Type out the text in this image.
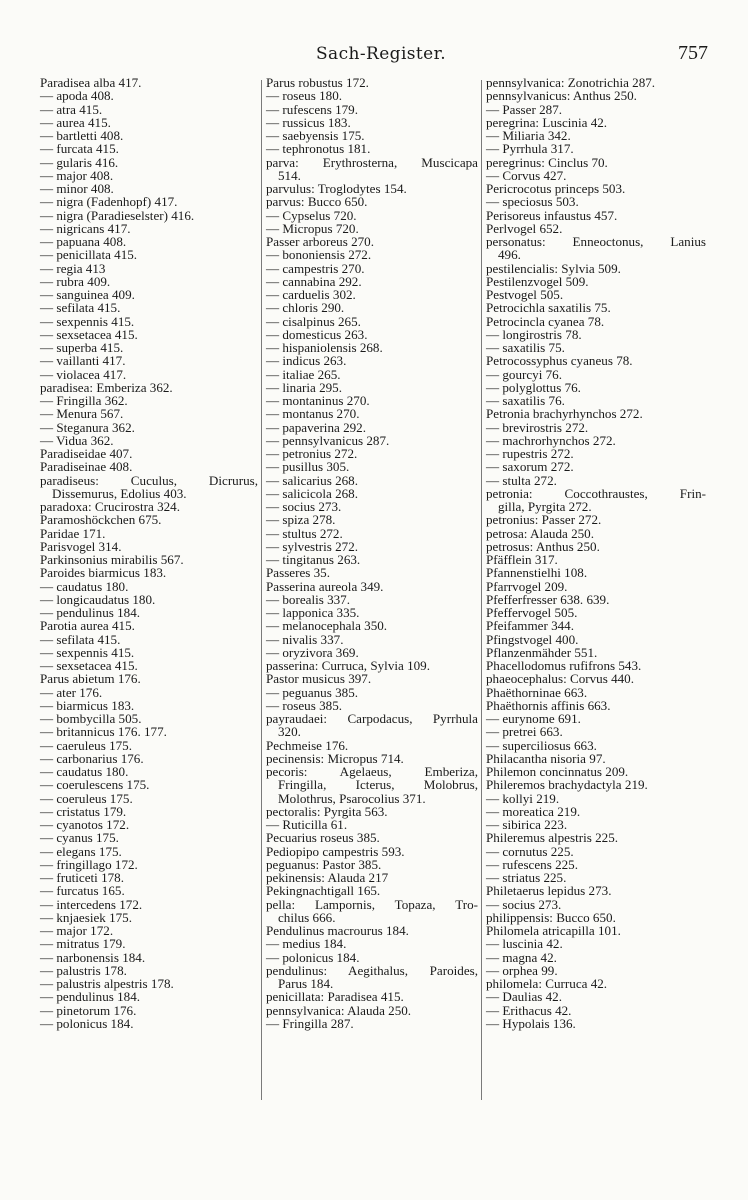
Sach-Register.	757
Paradisea alba 417.
— apoda 408.
— atra 415.
— aurea 415.
— bartletti 408.
— furcata 415.
— gularis 416.
— major 408.
— minor 408.
— nigra (Fadenhopf) 417.
— nigra (Paradieselster) 416.
— nigricans 417.
— papuana 408.
— penicillata 415.
— regia 413
— rubra 409.
— sanguinea 409.
— sefilata 415.
— sexpennis 415.
— sexsetacea 415.
— superba 415.
— vaillanti 417.
— violacea 417.
paradisea: Emberiza 362.
— Fringilla 362.
— Menura 567.
— Steganura 362.
— Vidua 362.
Paradiseidae 407.
Paradiseinae 408.
paradiseus: Cuculus, Dicrurus,
Dissemurus, Edolius 403.
paradoxa: Crucirostra 324.
Paramoshöckchen 675.
Paridae 171.
Parisvogel 314.
Parkinsonius mirabilis 567.
Paroides biarmicus 183.
— caudatus 180.
— longicaudatus 180.
— pendulinus 184.
Parotia aurea 415.
— sefilata 415.
— sexpennis 415.
— sexsetacea 415.
Parus abietum 176.
— ater 176.
— biarmicus 183.
— bombycilla 505.
— britannicus 176. 177.
— caeruleus 175.
— carbonarius 176.
— caudatus 180.
— coerulescens 175.
— coeruleus 175.
— cristatus 179.
— cyanotos 172.
— cyanus 175.
— elegans 175.
— fringillago 172.
— fruticeti 178.
— furcatus 165.
— intercedens 172.
— knjaesiek 175.
— major 172.
— mitratus 179.
— narbonensis 184.
— palustris 178.
— palustris alpestris 178.
— pendulinus 184.
— pinetorum 176.
— polonicus 184.
Parus robustus 172.
— roseus 180.
— rufescens 179.
— russicus 183.
— saebyensis 175.
— tephronotus 181.
parva: Erythrosterna, Muscicapa
514.
parvulus: Troglodytes 154.
parvus: Bucco 650.
— Cypselus 720.
— Micropus 720.
Passer arboreus 270.
— bononiensis 272.
— campestris 270.
— cannabina 292.
— carduelis 302.
— chloris 290.
— cisalpinus 265.
— domesticus 263.
— hispaniolensis 268.
— indicus 263.
— italiae 265.
— linaria 295.
— montaninus 270.
— montanus 270.
— papaverina 292.
— pennsylvanicus 287.
— petronius 272.
— pusillus 305.
— salicarius 268.
— salicicola 268.
— socius 273.
— spiza 278.
— stultus 272.
— sylvestris 272.
— tingitanus 263.
Passeres 35.
Passerina aureola 349.
— borealis 337.
— lapponica 335.
— melanocephala 350.
— nivalis 337.
— oryzivora 369.
passerina: Curruca, Sylvia 109.
Pastor musicus 397.
— peguanus 385.
— roseus 385.
payraudaei: Carpodacus, Pyrrhula
320.
Pechmeise 176.
pecinensis: Micropus 714.
pecoris: Agelaeus, Emberiza,
Fringilla, Icterus, Molobrus,
Molothrus, Psarocolius 371.
pectoralis: Pyrgita 563.
— Ruticilla 61.
Pecuarius roseus 385.
Pediopipo campestris 593.
peguanus: Pastor 385.
pekinensis: Alauda 217
Pekingnachtigall 165.
pella: Lampornis, Topaza, Tro-
chilus 666.
Pendulinus macrourus 184.
— medius 184.
— polonicus 184.
pendulinus: Aegithalus, Paroides,
Parus 184.
penicillata: Paradisea 415.
pennsylvanica: Alauda 250.
— Fringilla 287.
pennsylvanica: Zonotrichia 287.
pennsylvanicus: Anthus 250.
— Passer 287.
peregrina: Luscinia 42.
— Miliaria 342.
— Pyrrhula 317.
peregrinus: Cinclus 70.
— Corvus 427.
Pericrocotus princeps 503.
— speciosus 503.
Perisoreus infaustus 457.
Perlvogel 652.
personatus: Enneoctonus, Lanius
496.
pestilencialis: Sylvia 509.
Pestilenzvogel 509.
Pestvogel 505.
Petrocichla saxatilis 75.
Petrocincla cyanea 78.
— longirostris 78.
— saxatilis 75.
Petrocossyphus cyaneus 78.
— gourcyi 76.
— polyglottus 76.
— saxatilis 76.
Petronia brachyrhynchos 272.
— brevirostris 272.
— machrorhynchos 272.
— rupestris 272.
— saxorum 272.
— stulta 272.
petronia: Coccothraustes, Frin-
gilla, Pyrgita 272.
petronius: Passer 272.
petrosa: Alauda 250.
petrosus: Anthus 250.
Pfäfflein 317.
Pfannenstielhi 108.
Pfarrvogel 209.
Pfefferfresser 638. 639.
Pfeffervogel 505.
Pfeifammer 344.
Pfingstvogel 400.
Pflanzenmähder 551.
Phacellodomus rufifrons 543.
phaeocephalus: Corvus 440.
Phaëthorninae 663.
Phaëthornis affinis 663.
— eurynome 691.
— pretrei 663.
— superciliosus 663.
Philacantha nisoria 97.
Philemon concinnatus 209.
Phileremos brachydactyla 219.
— kollyi 219.
— moreatica 219.
— sibirica 223.
Phileremus alpestris 225.
— cornutus 225.
— rufescens 225.
— striatus 225.
Philetaerus lepidus 273.
— socius 273.
philippensis: Bucco 650.
Philomela atricapilla 101.
— luscinia 42.
— magna 42.
— orphea 99.
philomela: Curruca 42.
— Daulias 42.
— Erithacus 42.
— Hypolais 136.
